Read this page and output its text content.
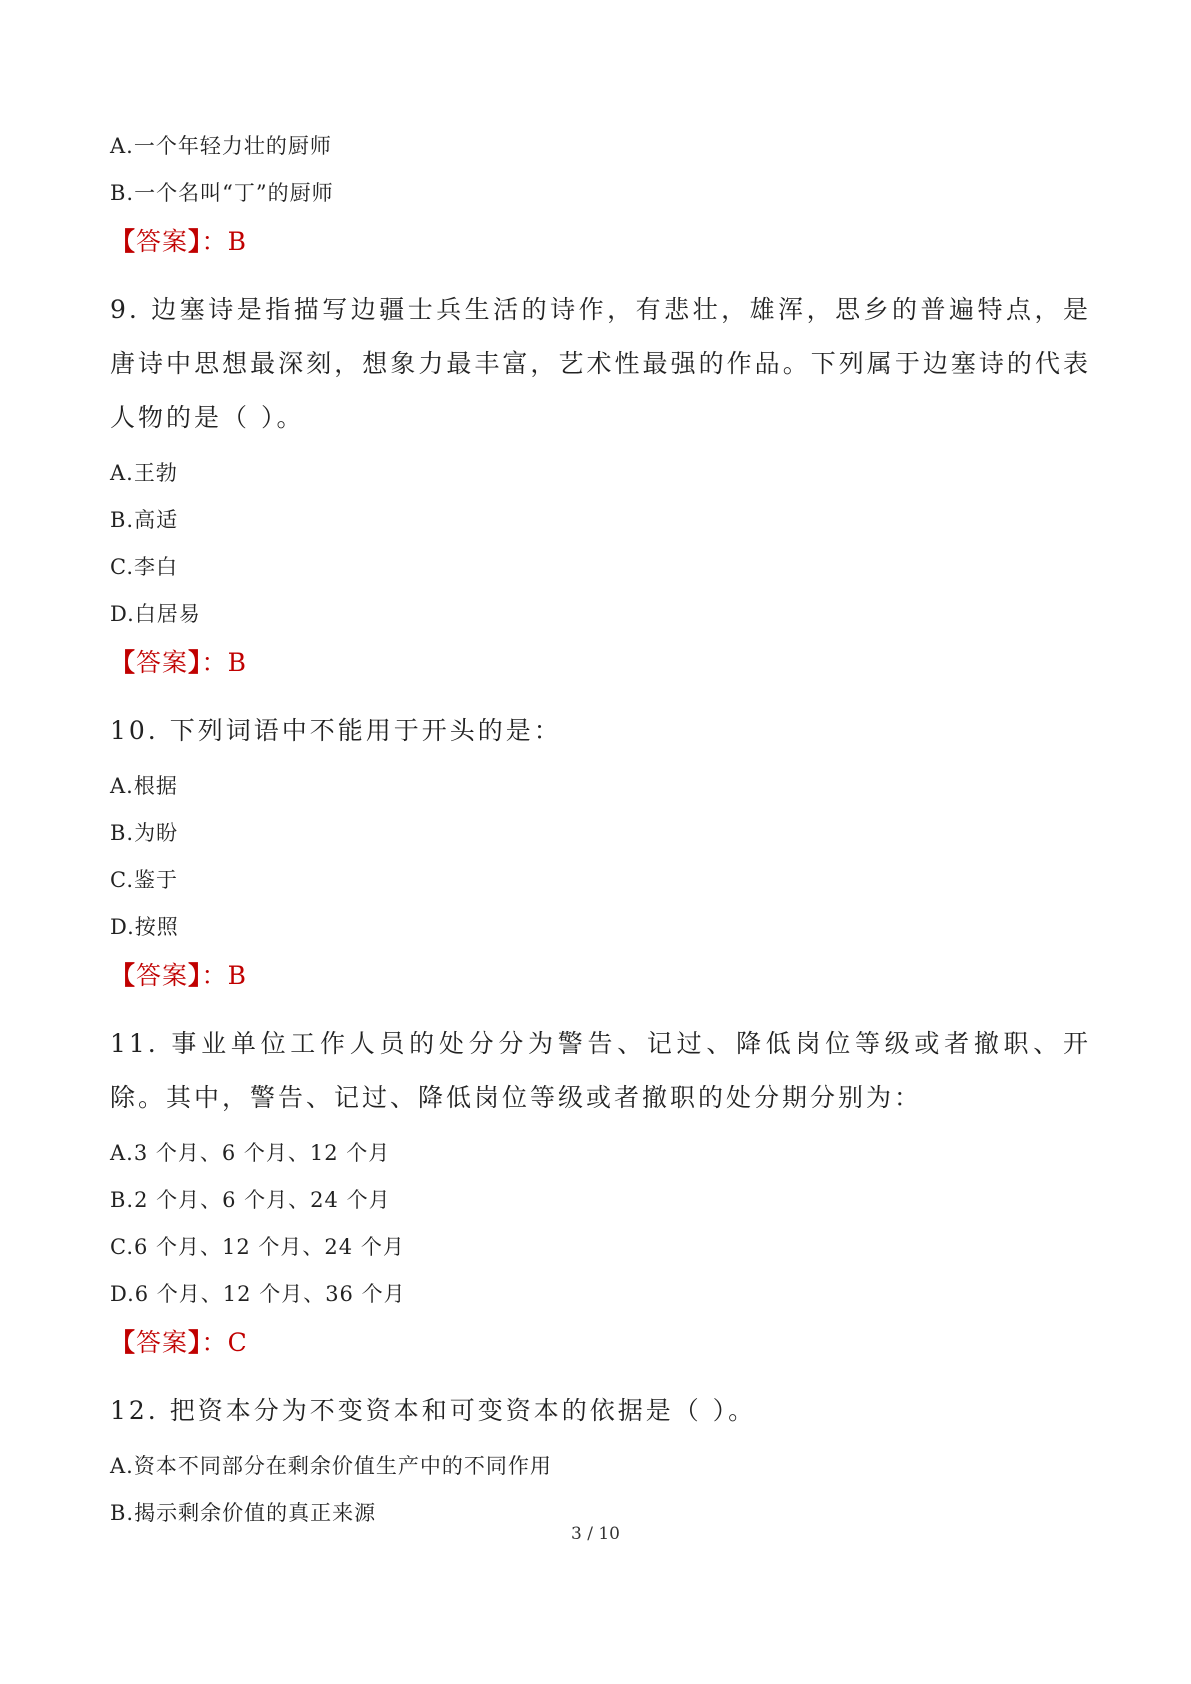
A.一个年轻力壮的厨师
B.一个名叫“丁”的厨师
【答案】：B
9. 边塞诗是指描写边疆士兵生活的诗作，有悲壮，雄浑，思乡的普遍特点，是唐诗中思想最深刻，想象力最丰富，艺术性最强的作品。下列属于边塞诗的代表人物的是（ ）。
A.王勃
B.高适
C.李白
D.白居易
【答案】：B
10. 下列词语中不能用于开头的是：
A.根据
B.为盼
C.鉴于
D.按照
【答案】：B
11. 事业单位工作人员的处分分为警告、记过、降低岗位等级或者撤职、开除。其中，警告、记过、降低岗位等级或者撤职的处分期分别为：
A.3 个月、6 个月、12 个月
B.2 个月、6 个月、24 个月
C.6 个月、12 个月、24 个月
D.6 个月、12 个月、36 个月
【答案】：C
12. 把资本分为不变资本和可变资本的依据是（ ）。
A.资本不同部分在剩余价值生产中的不同作用
B.揭示剩余价值的真正来源
3 / 10
